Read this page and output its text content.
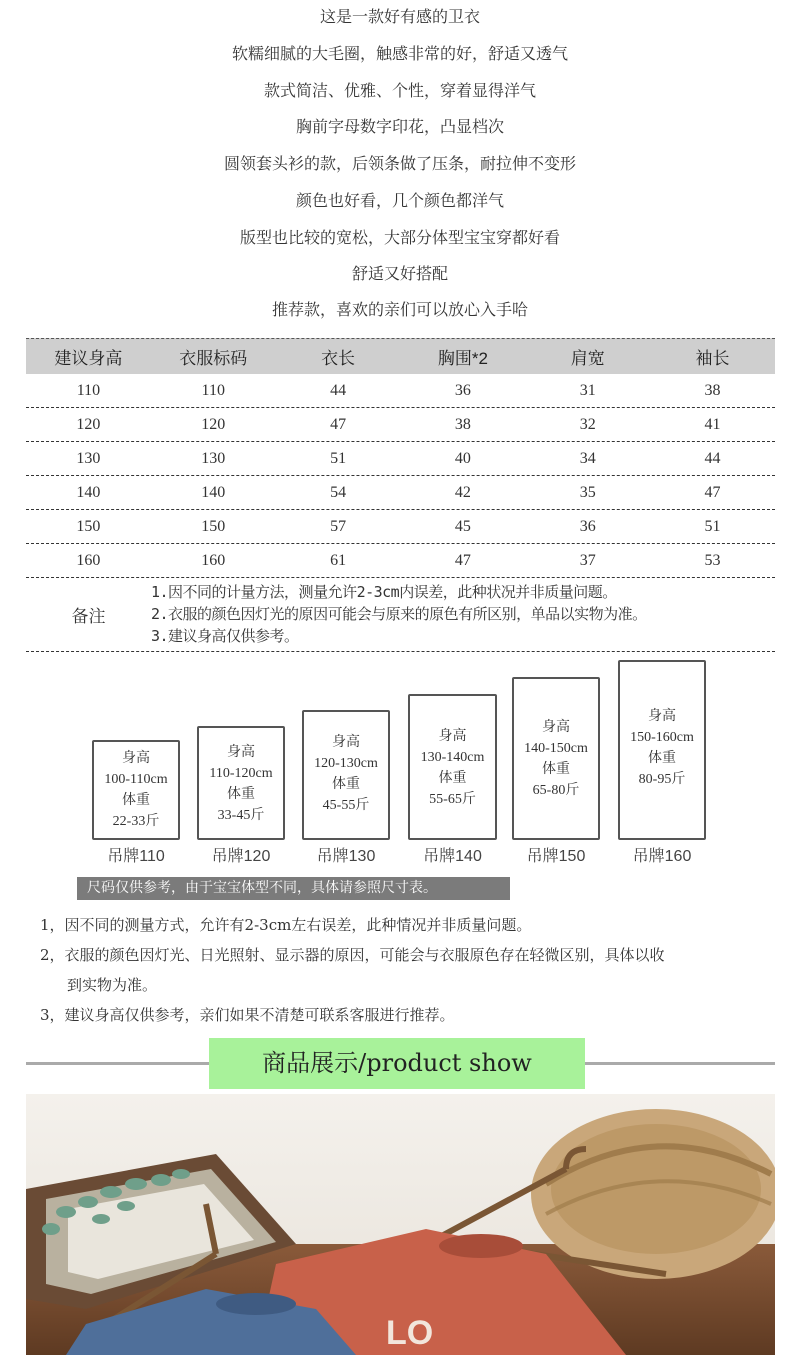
这是一款好有感的卫衣
软糯细腻的大毛圈，触感非常的好，舒适又透气
款式简洁、优雅、个性，穿着显得洋气
胸前字母数字印花，凸显档次
圆领套头衫的款，后领条做了压条，耐拉伸不变形
颜色也好看，几个颜色都洋气
版型也比较的宽松，大部分体型宝宝穿都好看
舒适又好搭配
推荐款，喜欢的亲们可以放心入手哈
建议身高	衣服标码	衣长	胸围*2	肩宽	袖长
110	110	44	36	31	38
120	120	47	38	32	41
130	130	51	40	34	44
140	140	54	42	35	47
150	150	57	45	36	51
160	160	61	47	37	53
备注
1.因不同的计量方法，测量允许2-3cm内误差，此种状况并非质量问题。
2.衣服的颜色因灯光的原因可能会与原来的原色有所区别，单品以实物为准。
3.建议身高仅供参考。
身高
100-110cm
体重
22-33斤
吊牌110
身高
110-120cm
体重
33-45斤
吊牌120
身高
120-130cm
体重
45-55斤
吊牌130
身高
130-140cm
体重
55-65斤
吊牌140
身高
140-150cm
体重
65-80斤
吊牌150
身高
150-160cm
体重
80-95斤
吊牌160
尺码仅供参考，由于宝宝体型不同，具体请参照尺寸表。
1，因不同的测量方式，允许有2-3cm左右误差，此种情况并非质量问题。
2，衣服的颜色因灯光、日光照射、显示器的原因，可能会与衣服原色存在轻微区别，具体以收
到实物为准。
3，建议身高仅供参考，亲们如果不清楚可联系客服进行推荐。
商品展示/product show
LO
